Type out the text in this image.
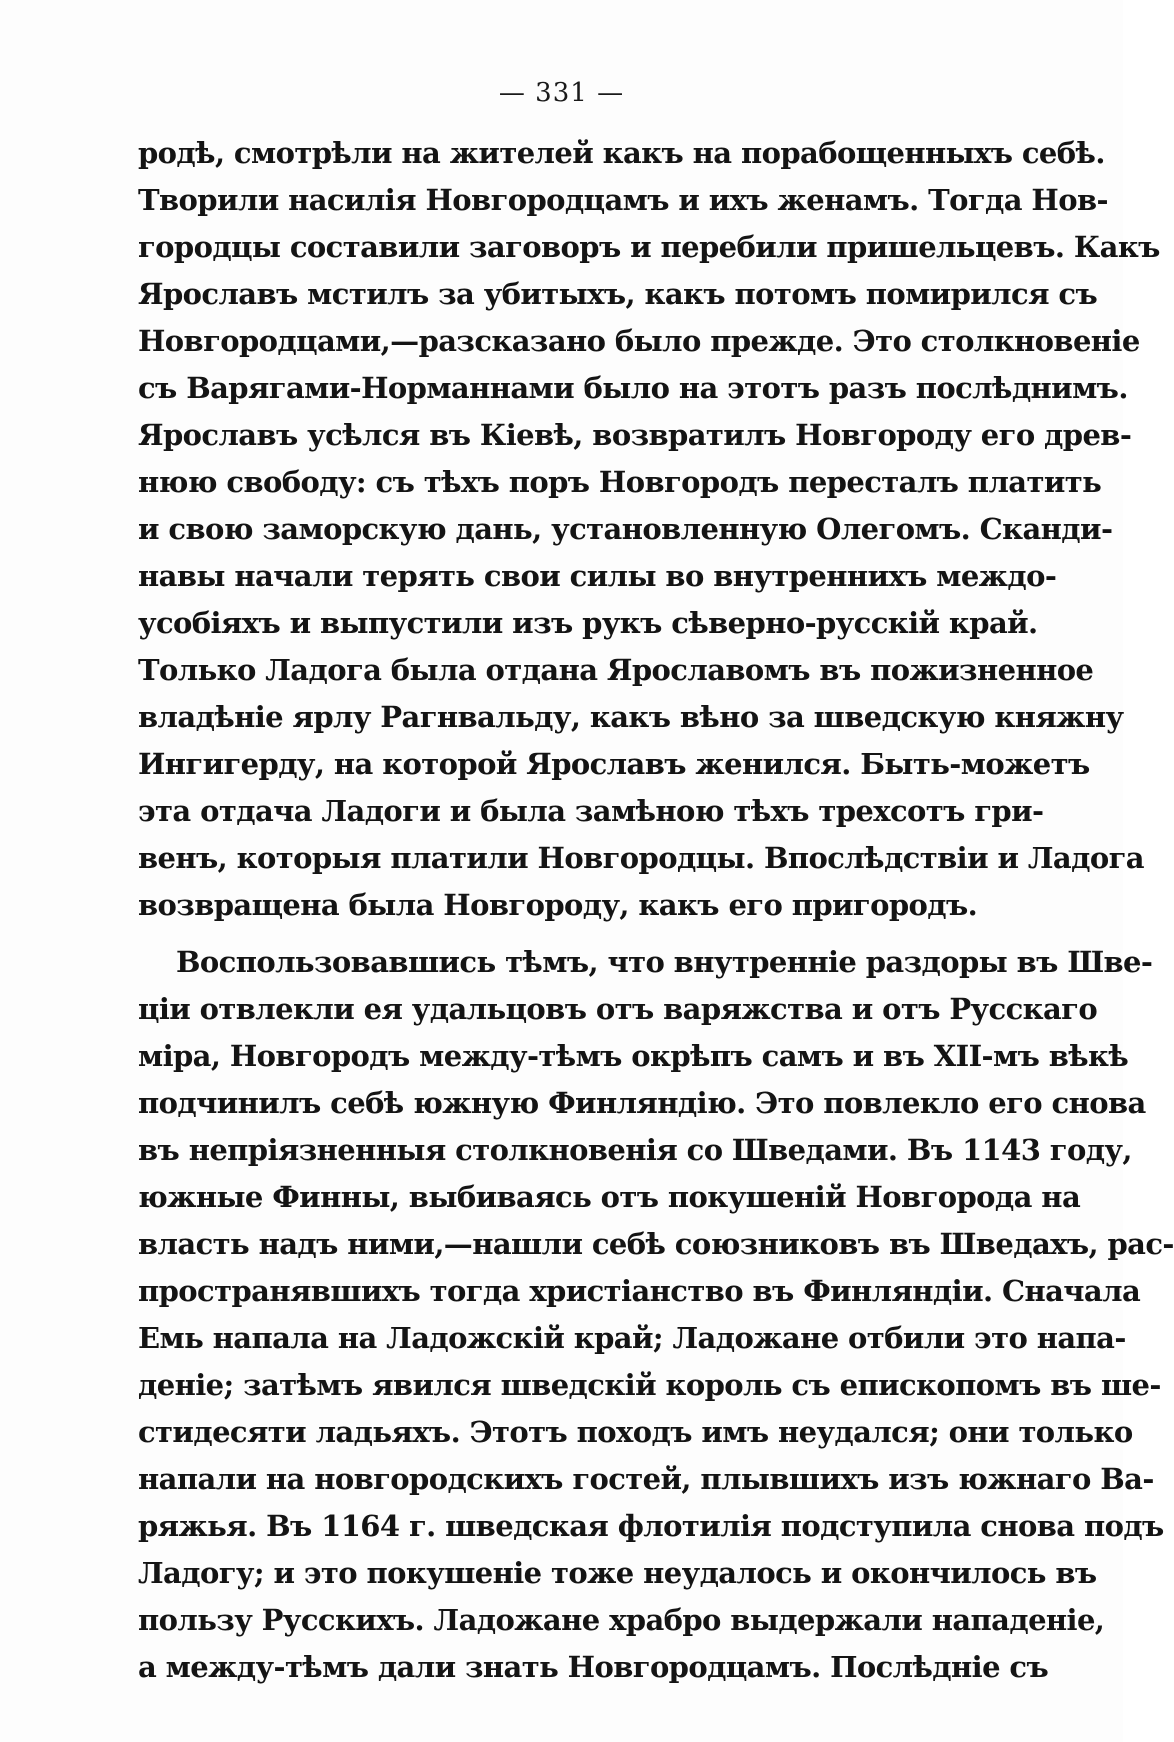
— 331 —
родѣ, смотрѣли на жителей какъ на порабощенныхъ себѣ.
Творили насилія Новгородцамъ и ихъ женамъ. Тогда Нов-
городцы составили заговоръ и перебили пришельцевъ. Какъ
Ярославъ мстилъ за убитыхъ, какъ потомъ помирился съ
Новгородцами,—разсказано было прежде. Это столкновеніе
съ Варягами-Норманнами было на этотъ разъ послѣднимъ.
Ярославъ усѣлся въ Кіевѣ, возвратилъ Новгороду его древ-
нюю свободу: съ тѣхъ поръ Новгородъ пересталъ платить
и свою заморскую дань, установленную Олегомъ. Сканди-
навы начали терять свои силы во внутреннихъ междо-
усобіяхъ и выпустили изъ рукъ сѣверно-русскій край.
Только Ладога была отдана Ярославомъ въ пожизненное
владѣніе ярлу Рагнвальду, какъ вѣно за шведскую княжну
Ингигерду, на которой Ярославъ женился. Быть-можетъ
эта отдача Ладоги и была замѣною тѣхъ трехсотъ гри-
венъ, которыя платили Новгородцы. Впослѣдствіи и Ладога
возвращена была Новгороду, какъ его пригородъ.
Воспользовавшись тѣмъ, что внутренніе раздоры въ Шве-
ціи отвлекли ея удальцовъ отъ варяжства и отъ Русскаго
міра, Новгородъ между-тѣмъ окрѣпъ самъ и въ XII-мъ вѣкѣ
подчинилъ себѣ южную Финляндію. Это повлекло его снова
въ непріязненныя столкновенія со Шведами. Въ 1143 году,
южные Финны, выбиваясь отъ покушеній Новгорода на
власть надъ ними,—нашли себѣ союзниковъ въ Шведахъ, рас-
пространявшихъ тогда христіанство въ Финляндіи. Сначала
Емь напала на Ладожскій край; Ладожане отбили это напа-
деніе; затѣмъ явился шведскій король съ епископомъ въ ше-
стидесяти ладьяхъ. Этотъ походъ имъ неудался; они только
напали на новгородскихъ гостей, плывшихъ изъ южнаго Ва-
ряжья. Въ 1164 г. шведская флотилія подступила снова подъ
Ладогу; и это покушеніе тоже неудалось и окончилось въ
пользу Русскихъ. Ладожане храбро выдержали нападеніе,
а между-тѣмъ дали знать Новгородцамъ. Послѣдніе съ
